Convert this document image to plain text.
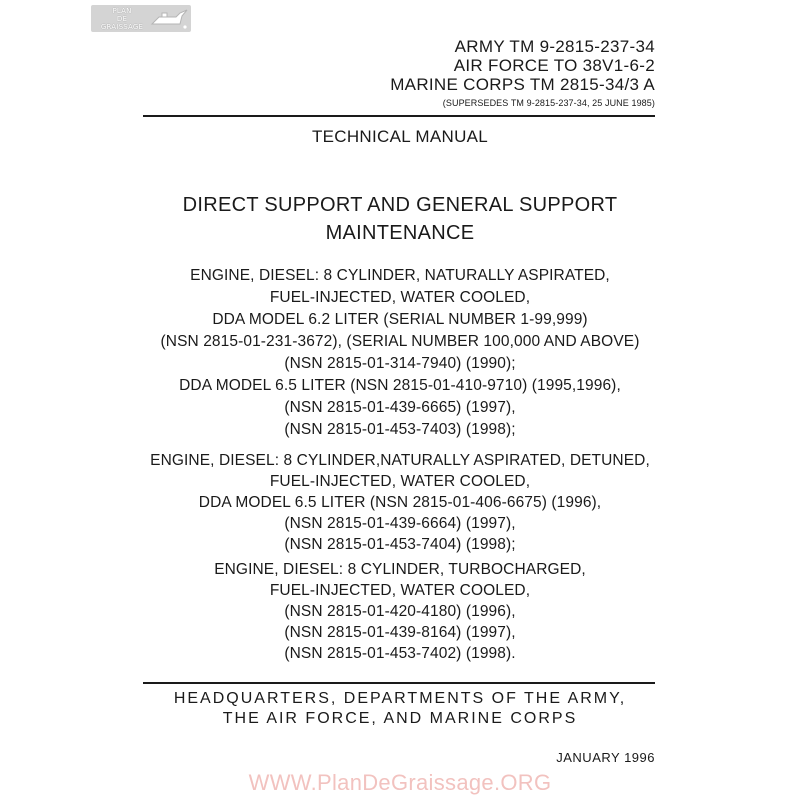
PLAN
DE
GRAISSAGE
ARMY TM 9-2815-237-34
AIR FORCE TO 38V1-6-2
MARINE CORPS TM 2815-34/3 A
(SUPERSEDES TM 9-2815-237-34, 25 JUNE 1985)
TECHNICAL MANUAL
DIRECT SUPPORT AND GENERAL SUPPORT
MAINTENANCE
ENGINE, DIESEL: 8 CYLINDER, NATURALLY ASPIRATED,
FUEL-INJECTED, WATER COOLED,
DDA MODEL 6.2 LITER (SERIAL NUMBER 1-99,999)
(NSN 2815-01-231-3672), (SERIAL NUMBER 100,000 AND ABOVE)
(NSN 2815-01-314-7940) (1990);
DDA MODEL 6.5 LITER (NSN 2815-01-410-9710) (1995,1996),
(NSN 2815-01-439-6665) (1997),
(NSN 2815-01-453-7403) (1998);
ENGINE, DIESEL: 8 CYLINDER,NATURALLY ASPIRATED, DETUNED,
FUEL-INJECTED, WATER COOLED,
DDA MODEL 6.5 LITER (NSN 2815-01-406-6675) (1996),
(NSN 2815-01-439-6664) (1997),
(NSN 2815-01-453-7404) (1998);
ENGINE, DIESEL: 8 CYLINDER, TURBOCHARGED,
FUEL-INJECTED, WATER COOLED,
(NSN 2815-01-420-4180) (1996),
(NSN 2815-01-439-8164) (1997),
HEADQUARTERS, DEPARTMENTS OF THE ARMY,
THE AIR FORCE, AND MARINE CORPS
JANUARY 1996
WWW.PlanDeGraissage.ORG
(NSN 2815-01-453-7402) (1998).
